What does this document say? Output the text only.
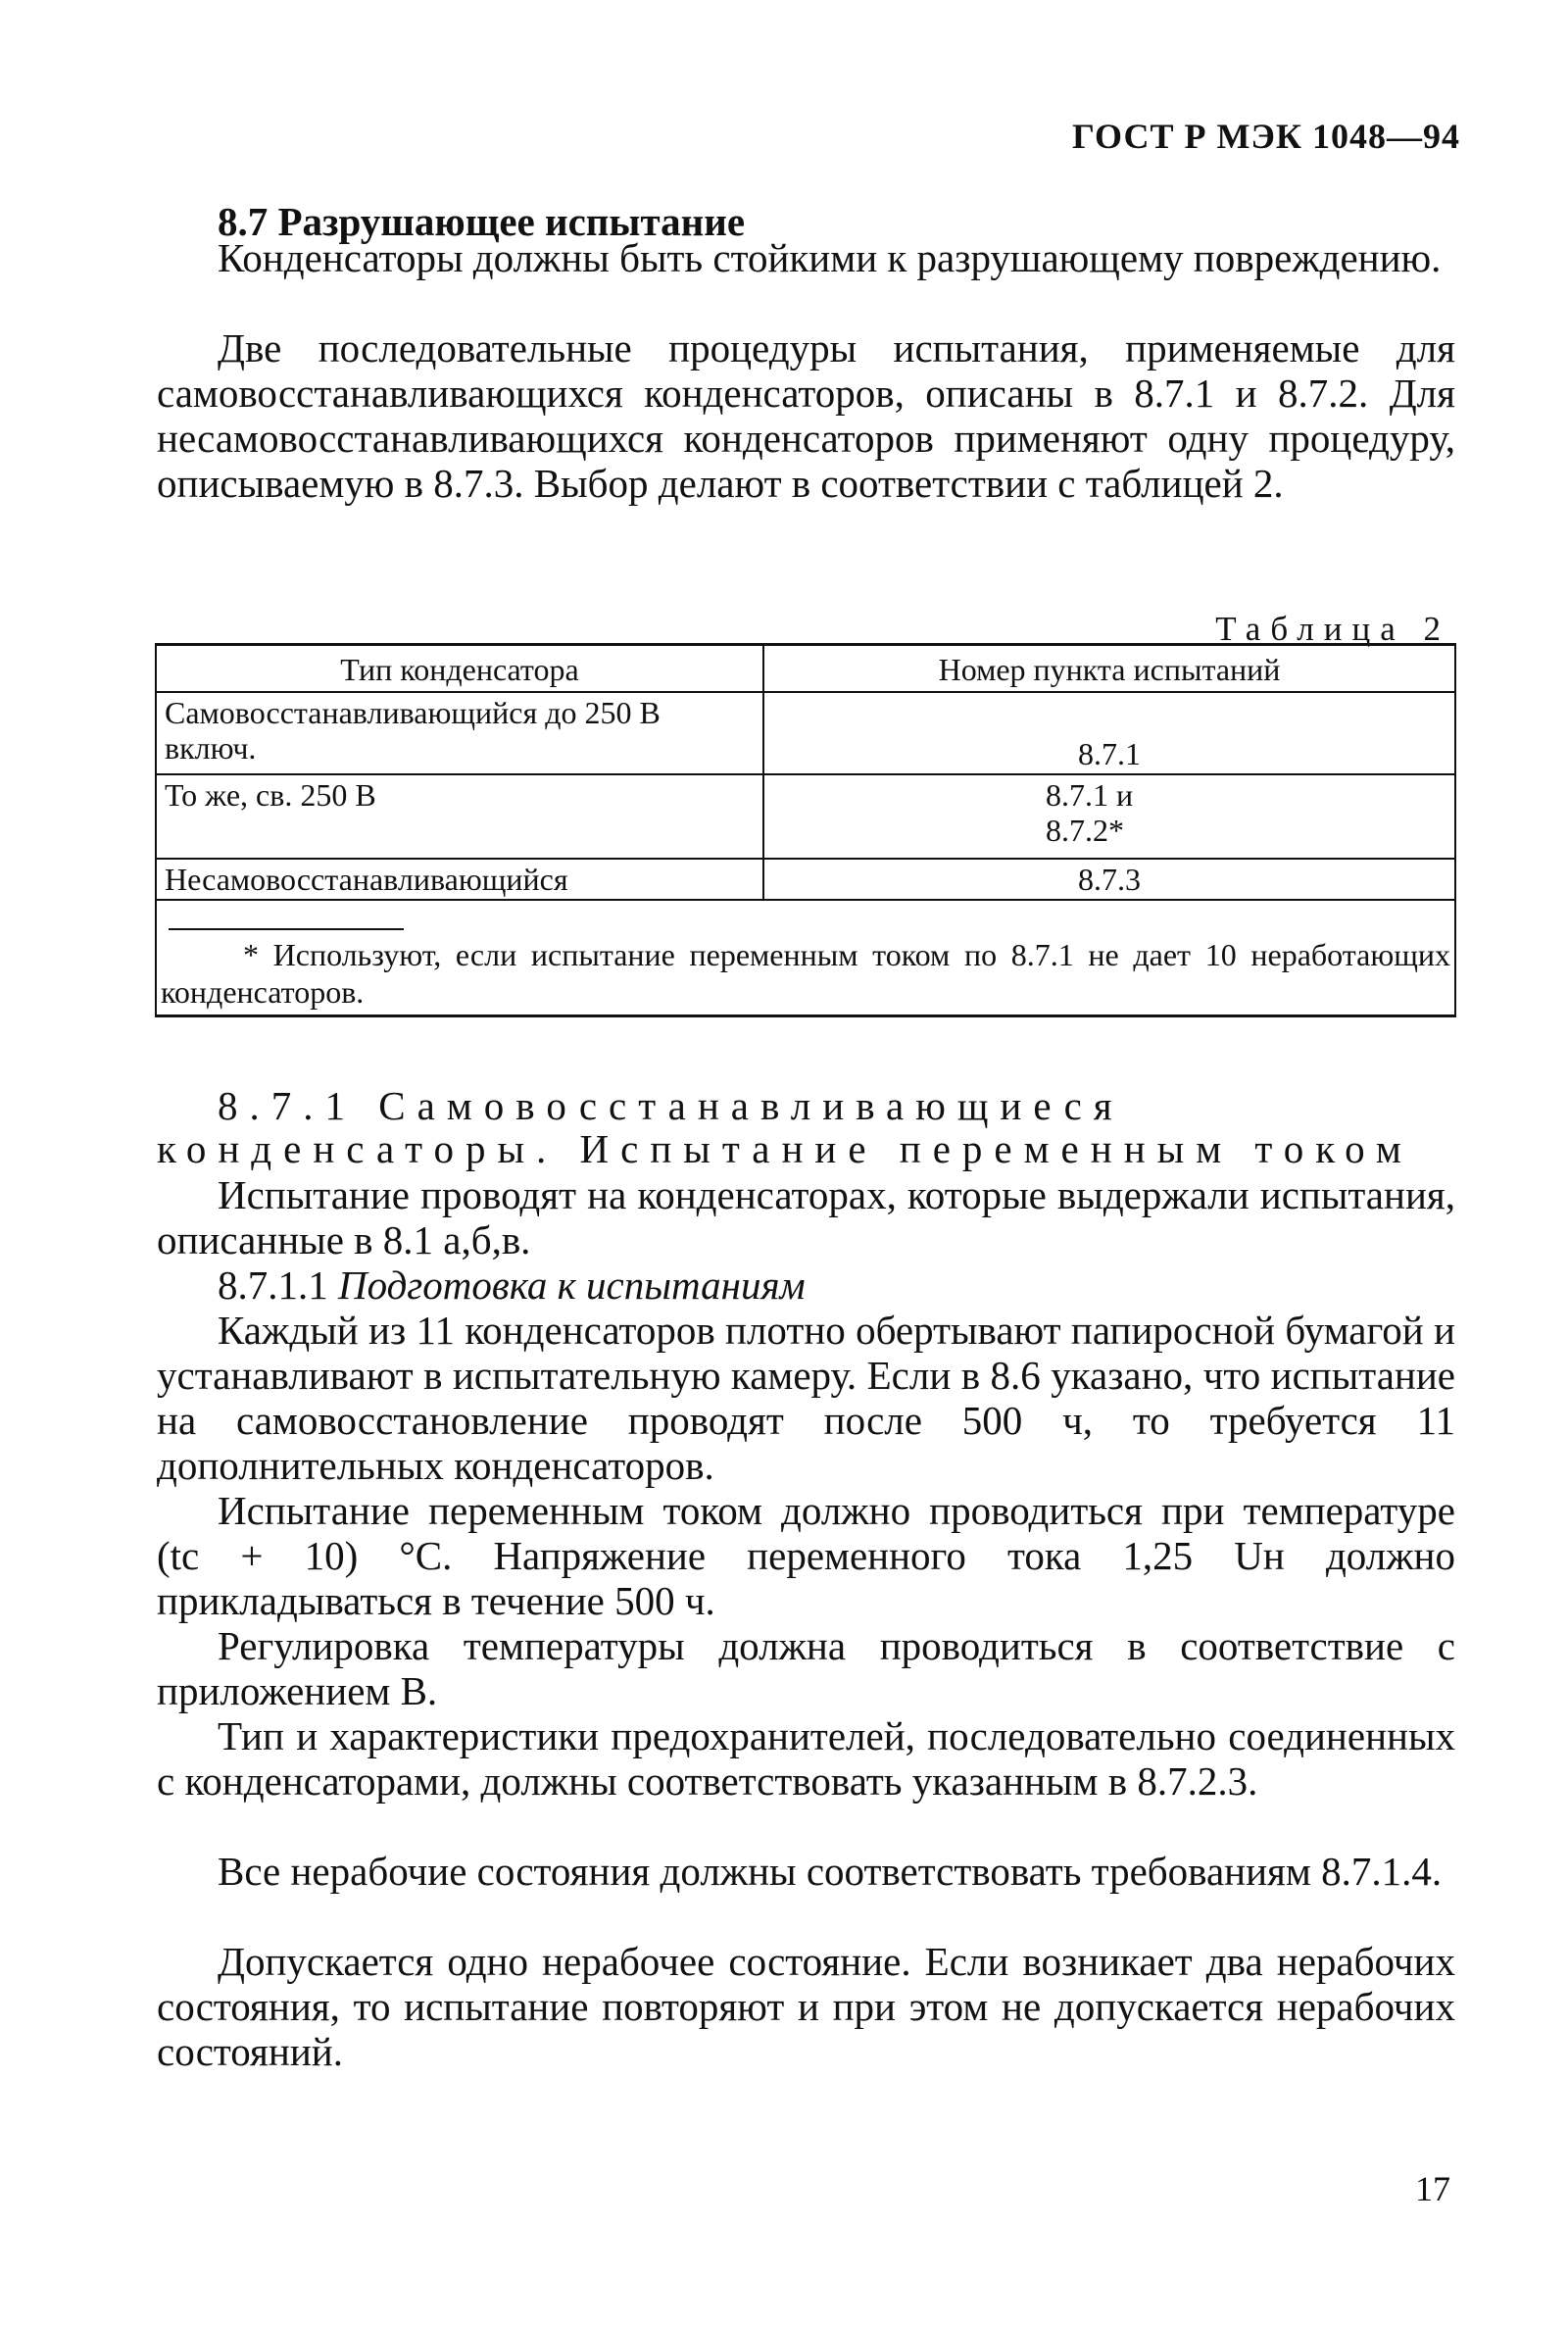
ГОСТ Р МЭК 1048—94
8.7 Разрушающее испытание

Конденсаторы должны быть стойкими к разрушающему повреждению.

Две последовательные процедуры испытания, применяемые для самовосстанавливающихся конденсаторов, описаны в 8.7.1 и 8.7.2. Для несамовосстанавливающихся конденсаторов применяют одну процедуру, описываемую в 8.7.3. Выбор делают в соответствии с таблицей 2.

Таблица 2
Тип конденсатора	Номер пункта испытаний
Самовосстанавливающийся до 250 В включ.	8.7.1
То же, св. 250 В	8.7.1 и 8.7.2*

Несамовосстанавливающийся	8.7.3

* Используют, если испытание переменным током по 8.7.1 не дает 10 неработающих конденсаторов.	

8.7.1 Самовосстанавливающиеся конденсаторы. Испытание переменным током

Испытание проводят на конденсаторах, которые выдержали испытания, описанные в 8.1 а,б,в.

8.7.1.1 Подготовка к испытаниям

Каждый из 11 конденсаторов плотно обертывают папиросной бумагой и устанавливают в испытательную камеру. Если в 8.6 указано, что испытание на самовосстановление проводят после 500 ч, то требуется 11 дополнительных конденсаторов.

Испытание переменным током должно проводиться при температуре (tc + 10) °С. Напряжение переменного тока 1,25 Uн должно прикладываться в течение 500 ч.

Регулировка температуры должна проводиться в соответствие с приложением В.

Тип и характеристики предохранителей, последовательно соединенных с конденсаторами, должны соответствовать указанным в 8.7.2.3.

Все нерабочие состояния должны соответствовать требованиям 8.7.1.4.

Допускается одно нерабочее состояние. Если возникает два нерабочих состояния, то испытание повторяют и при этом не допускается нерабочих состояний.

17
